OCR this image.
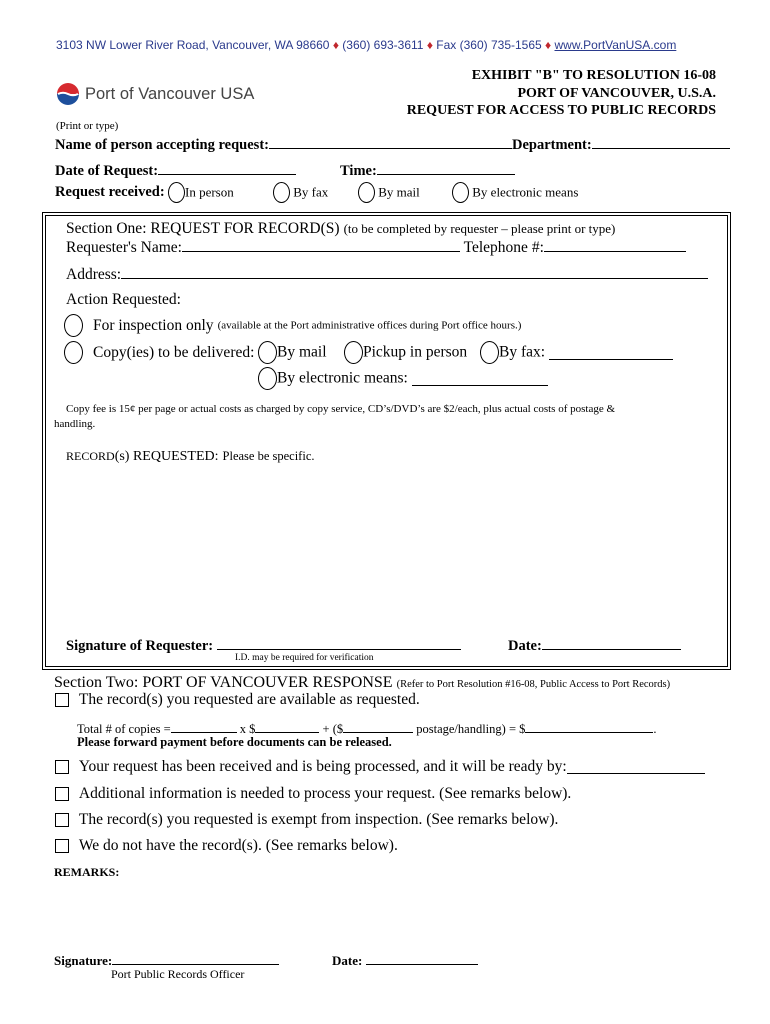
3103 NW Lower River Road, Vancouver, WA 98660 ♦ (360) 693-3611 ♦ Fax (360) 735-1565 ♦ www.PortVanUSA.com
Port of Vancouver USA
EXHIBIT "B" TO RESOLUTION 16-08
PORT OF VANCOUVER, U.S.A.
REQUEST FOR ACCESS TO PUBLIC RECORDS
(Print or type)
Name of person accepting request:	Department:
Date of Request:	Time:
Request received:	In person	By fax	By mail	By electronic means
Section One: REQUEST FOR RECORD(S) (to be completed by requester – please print or type)
Requester's Name:	Telephone #:
Address:
Action Requested:
For inspection only (available at the Port administrative offices during Port office hours.)
Copy(ies) to be delivered:	By mail	Pickup in person	By fax:
By electronic means:
Copy fee is 15¢ per page or actual costs as charged by copy service, CD’s/DVD’s are $2/each, plus actual costs of postage &
handling.
RECORD(s) REQUESTED: Please be specific.
Signature of Requester:	Date:
I.D. may be required for verification
Section Two: PORT OF VANCOUVER RESPONSE (Refer to Port Resolution #16-08, Public Access to Port Records)
The record(s) you requested are available as requested.
Total # of copies =	x $	+ ($	postage/handling) = $	.
Please forward payment before documents can be released.
Your request has been received and is being processed, and it will be ready by:
Additional information is needed to process your request. (See remarks below).
The record(s) you requested is exempt from inspection. (See remarks below).
We do not have the record(s). (See remarks below).
REMARKS:
Signature:	Date:
Port Public Records Officer
